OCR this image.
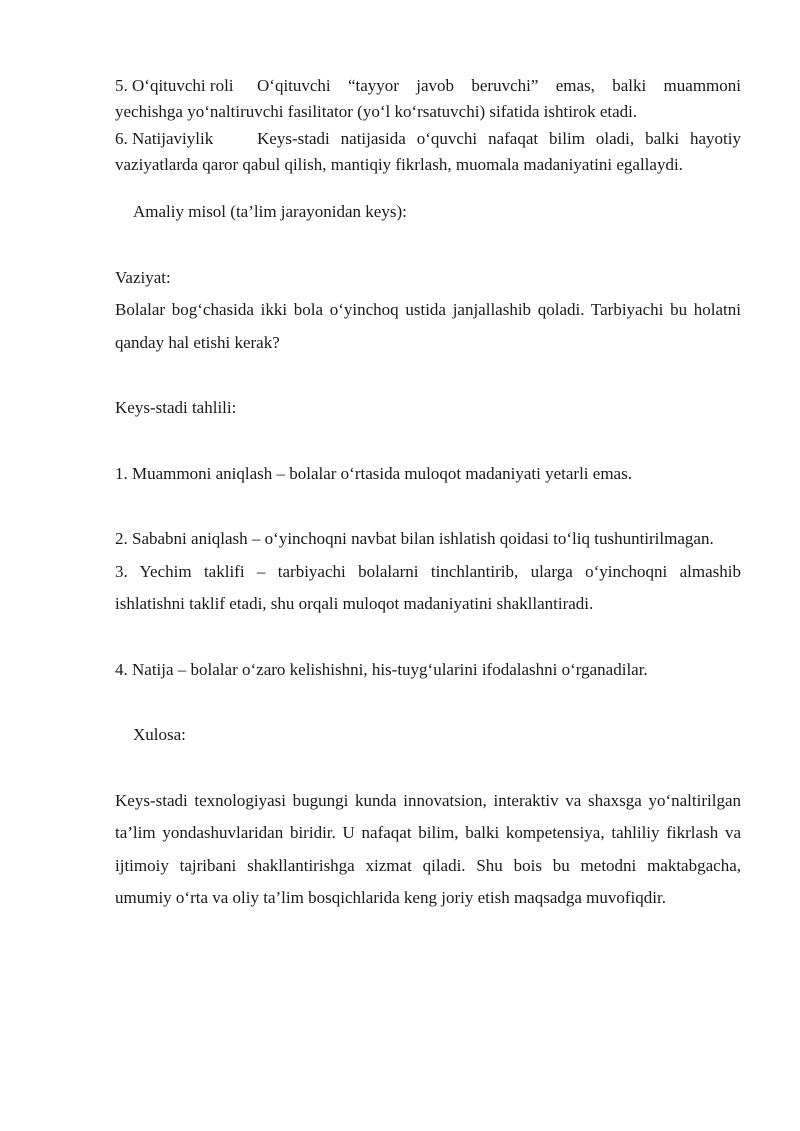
5. O‘qituvchi roli	O‘qituvchi “tayyor javob beruvchi” emas, balki muammoni

yechishga yo‘naltiruvchi fasilitator (yo‘l ko‘rsatuvchi) sifatida ishtirok etadi.

6. Natijaviylik	Keys-stadi natijasida o‘quvchi nafaqat bilim oladi, balki hayotiy

vaziyatlarda qaror qabul qilish, mantiqiy fikrlash, muomala madaniyatini egallaydi.

Amaliy misol (ta’lim jarayonidan keys):

Vaziyat:

Bolalar bog‘chasida ikki bola o‘yinchoq ustida janjallashib qoladi. Tarbiyachi bu holatni qanday hal etishi kerak?

Keys-stadi tahlili:

1. Muammoni aniqlash – bolalar o‘rtasida muloqot madaniyati yetarli emas.

2. Sababni aniqlash – o‘yinchoqni navbat bilan ishlatish qoidasi to‘liq tushuntirilmagan.

3. Yechim taklifi – tarbiyachi bolalarni tinchlantirib, ularga o‘yinchoqni almashib ishlatishni taklif etadi, shu orqali muloqot madaniyatini shakllantiradi.

4. Natija – bolalar o‘zaro kelishishni, his-tuyg‘ularini ifodalashni o‘rganadilar.

Xulosa:

Keys-stadi texnologiyasi bugungi kunda innovatsion, interaktiv va shaxsga yo‘naltirilgan ta’lim yondashuvlaridan biridir. U nafaqat bilim, balki kompetensiya, tahliliy fikrlash va ijtimoiy tajribani shakllantirishga xizmat qiladi. Shu bois bu metodni maktabgacha, umumiy o‘rta va oliy ta’lim bosqichlarida keng joriy etish maqsadga muvofiqdir.
